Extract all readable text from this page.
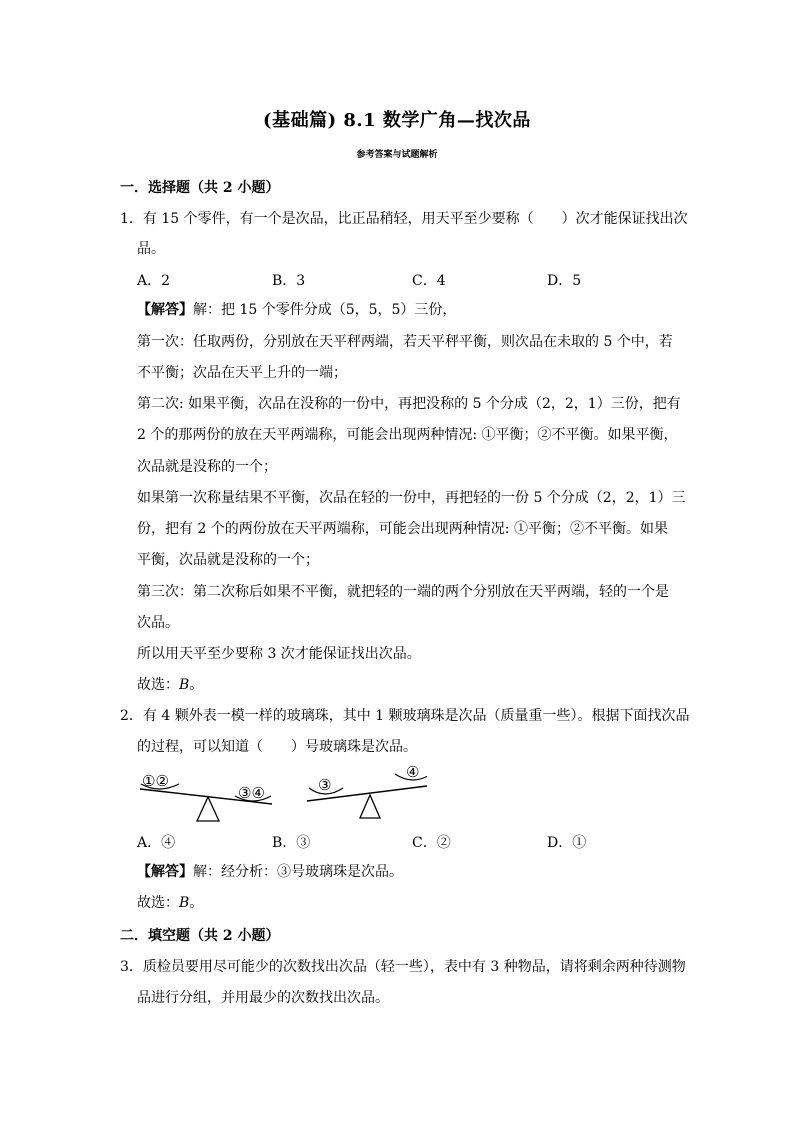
(基础篇) 8.1 数学广角—找次品
参考答案与试题解析
一．选择题（共 2 小题）
1．有 15 个零件，有一个是次品，比正品稍轻，用天平至少要称（　　）次才能保证找出次
品。
A．2	B．3	C．4	D．5
【解答】解：把 15 个零件分成（5，5，5）三份，
第一次：任取两份，分别放在天平秤两端，若天平秤平衡，则次品在未取的 5 个中，若
不平衡；次品在天平上升的一端；
第二次: 如果平衡，次品在没称的一份中，再把没称的 5 个分成（2，2，1）三份，把有
2 个的那两份的放在天平两端称，可能会出现两种情况: ①平衡；②不平衡。如果平衡，
次品就是没称的一个；
如果第一次称量结果不平衡，次品在轻的一份中，再把轻的一份 5 个分成（2，2，1）三
份，把有 2 个的两份放在天平两端称，可能会出现两种情况: ①平衡；②不平衡。如果
平衡，次品就是没称的一个；
第三次：第二次称后如果不平衡，就把轻的一端的两个分别放在天平两端，轻的一个是
次品。
所以用天平至少要称 3 次才能保证找出次品。
故选：B。
2．有 4 颗外表一模一样的玻璃珠，其中 1 颗玻璃珠是次品（质量重一些）。根据下面找次品
的过程，可以知道（　　）号玻璃珠是次品。
①②
③④	③
④
A．④	B．③	C．②	D．①
【解答】解：经分析：③号玻璃珠是次品。
故选：B。
二．填空题（共 2 小题）
3．质检员要用尽可能少的次数找出次品（轻一些），表中有 3 种物品，请将剩余两种待测物
品进行分组，并用最少的次数找出次品。
